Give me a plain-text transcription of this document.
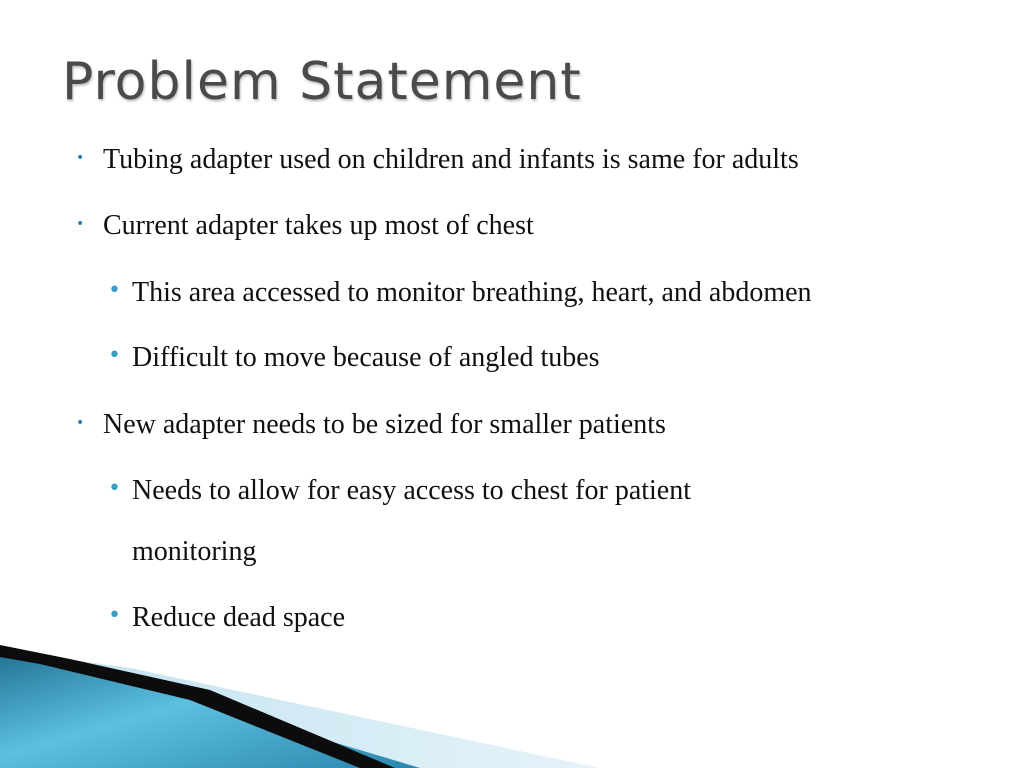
Problem Statement
• Tubing adapter used on children and infants is same for adults
• Current adapter takes up most of chest
• This area accessed to monitor breathing, heart, and abdomen
• Difficult to move because of angled tubes
• New adapter needs to be sized for smaller patients
• Needs to allow for easy access to chest for patient
monitoring
• Reduce dead space
